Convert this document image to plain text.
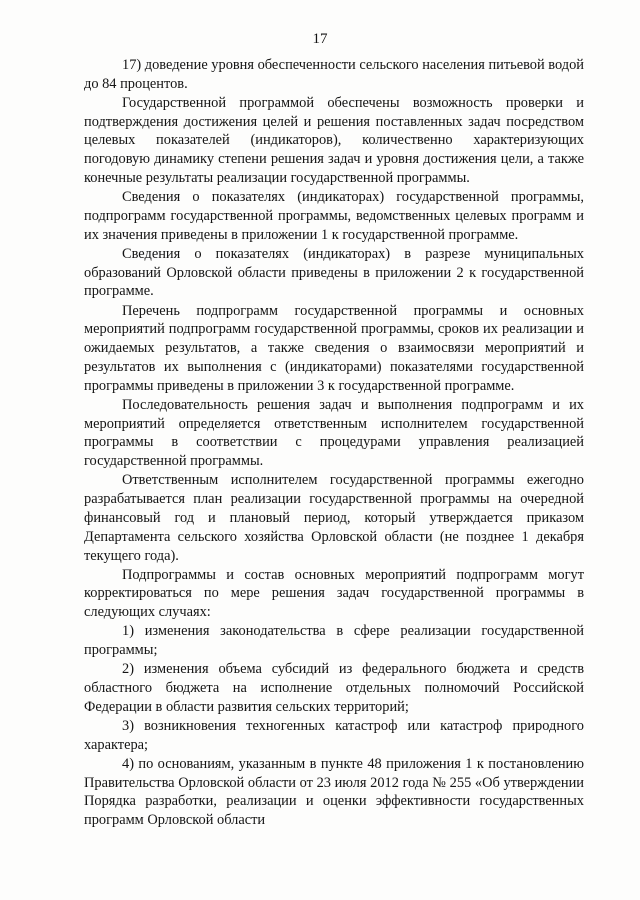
17

17) доведение уровня обеспеченности сельского населения питьевой водой до 84 процентов.

Государственной программой обеспечены возможность проверки и подтверждения достижения целей и решения поставленных задач посредством целевых показателей (индикаторов), количественно характеризующих погодовую динамику степени решения задач и уровня достижения цели, а также конечные результаты реализации государственной программы.

Сведения о показателях (индикаторах) государственной программы, подпрограмм государственной программы, ведомственных целевых программ и их значения приведены в приложении 1 к государственной программе.

Сведения о показателях (индикаторах) в разрезе муниципальных образований Орловской области приведены в приложении 2 к государственной программе.

Перечень подпрограмм государственной программы и основных мероприятий подпрограмм государственной программы, сроков их реализации и ожидаемых результатов, а также сведения о взаимосвязи мероприятий и результатов их выполнения с (индикаторами) показателями государственной программы приведены в приложении 3 к государственной программе.

Последовательность решения задач и выполнения подпрограмм и их мероприятий определяется ответственным исполнителем государственной программы в соответствии с процедурами управления реализацией государственной программы.

Ответственным исполнителем государственной программы ежегодно разрабатывается план реализации государственной программы на очередной финансовый год и плановый период, который утверждается приказом Департамента сельского хозяйства Орловской области (не позднее 1 декабря текущего года).

Подпрограммы и состав основных мероприятий подпрограмм могут корректироваться по мере решения задач государственной программы в следующих случаях:

1) изменения законодательства в сфере реализации государственной программы;

2) изменения объема субсидий из федерального бюджета и средств областного бюджета на исполнение отдельных полномочий Российской Федерации в области развития сельских территорий;

3) возникновения техногенных катастроф или катастроф природного характера;

4) по основаниям, указанным в пункте 48 приложения 1 к постановлению Правительства Орловской области от 23 июля 2012 года № 255 «Об утверждении Порядка разработки, реализации и оценки эффективности государственных программ Орловской области
